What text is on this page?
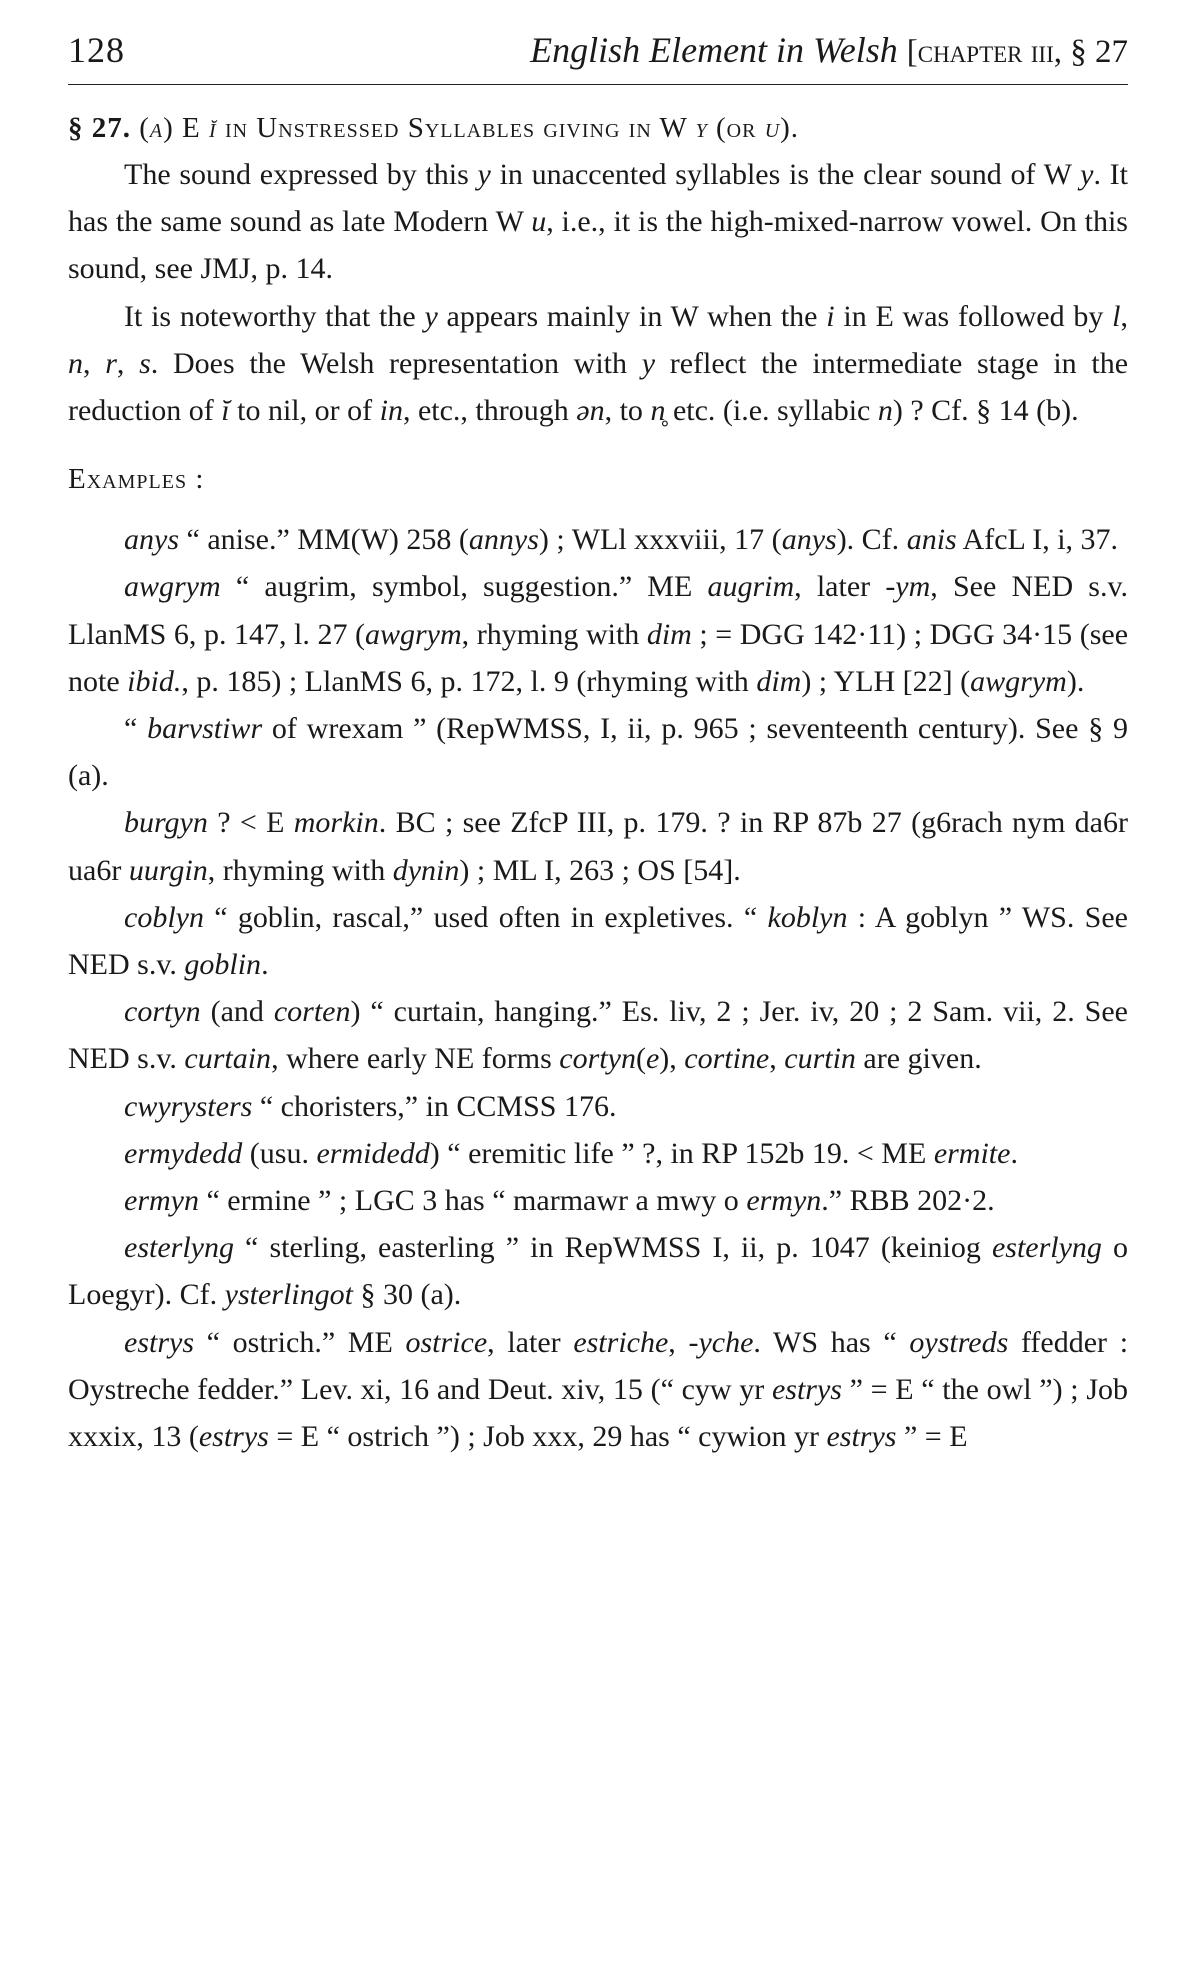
128	English Element in Welsh [chapter iii, § 27
§ 27. (a) E ĭ in Unstressed Syllables giving in W y (or u).

The sound expressed by this y in unaccented syllables is the clear sound of W y. It has the same sound as late Modern W u, i.e., it is the high-mixed-narrow vowel. On this sound, see JMJ, p. 14.

It is noteworthy that the y appears mainly in W when the i in E was followed by l, n, r, s. Does the Welsh representation with y reflect the intermediate stage in the reduction of ĭ to nil, or of in, etc., through ən, to n̥ etc. (i.e. syllabic n) ? Cf. § 14 (b).

Examples :

anys “ anise.” MM(W) 258 (annys) ; WLl xxxviii, 17 (anys). Cf. anis AfcL I, i, 37.

awgrym “ augrim, symbol, suggestion.” ME augrim, later -ym, See NED s.v. LlanMS 6, p. 147, l. 27 (awgrym, rhyming with dim ; = DGG 142·11) ; DGG 34·15 (see note ibid., p. 185) ; LlanMS 6, p. 172, l. 9 (rhyming with dim) ; YLH [22] (awgrym).

“ barvstiwr of wrexam ” (RepWMSS, I, ii, p. 965 ; seventeenth century). See § 9 (a).

burgyn ? < E morkin. BC ; see ZfcP III, p. 179. ? in RP 87b 27 (g6rach nym da6r ua6r uurgin, rhyming with dynin) ; ML I, 263 ; OS [54].

coblyn “ goblin, rascal,” used often in expletives. “ koblyn : A goblyn ” WS. See NED s.v. goblin.

cortyn (and corten) “ curtain, hanging.” Es. liv, 2 ; Jer. iv, 20 ; 2 Sam. vii, 2. See NED s.v. curtain, where early NE forms cortyn(e), cortine, curtin are given.

cwyrysters “ choristers,” in CCMSS 176.

ermydedd (usu. ermidedd) “ eremitic life ” ?, in RP 152b 19. < ME ermite.

ermyn “ ermine ” ; LGC 3 has “ marmawr a mwy o ermyn.” RBB 202·2.

esterlyng “ sterling, easterling ” in RepWMSS I, ii, p. 1047 (keiniog esterlyng o Loegyr). Cf. ysterlingot § 30 (a).

estrys “ ostrich.” ME ostrice, later estriche, -yche. WS has “ oystreds ffedder : Oystreche fedder.” Lev. xi, 16 and Deut. xiv, 15 (“ cyw yr estrys ” = E “ the owl ”) ; Job xxxix, 13 (estrys = E “ ostrich ”) ; Job xxx, 29 has “ cywion yr estrys ” = E
